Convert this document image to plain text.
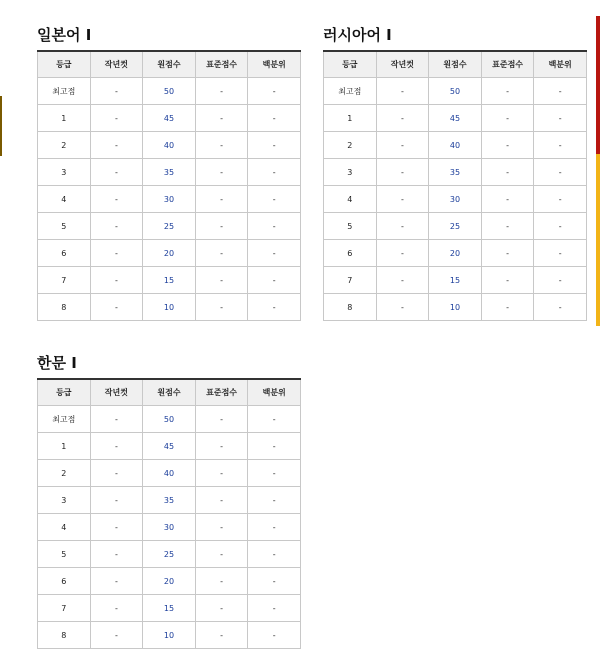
일본어 I
등급	작년컷	원점수	표준점수	백분위
최고점	-	50	-	-
1	-	45	-	-
2	-	40	-	-
3	-	35	-	-
4	-	30	-	-
5	-	25	-	-
6	-	20	-	-
7	-	15	-	-
8	-	10	-	-
러시아어 I
등급	작년컷	원점수	표준점수	백분위
최고점	-	50	-	-
1	-	45	-	-
2	-	40	-	-
3	-	35	-	-
4	-	30	-	-
5	-	25	-	-
6	-	20	-	-
7	-	15	-	-
8	-	10	-	-
한문 I
등급	작년컷	원점수	표준점수	백분위
최고점	-	50	-	-
1	-	45	-	-
2	-	40	-	-
3	-	35	-	-
4	-	30	-	-
5	-	25	-	-
6	-	20	-	-
7	-	15	-	-
8	-	10	-	-
